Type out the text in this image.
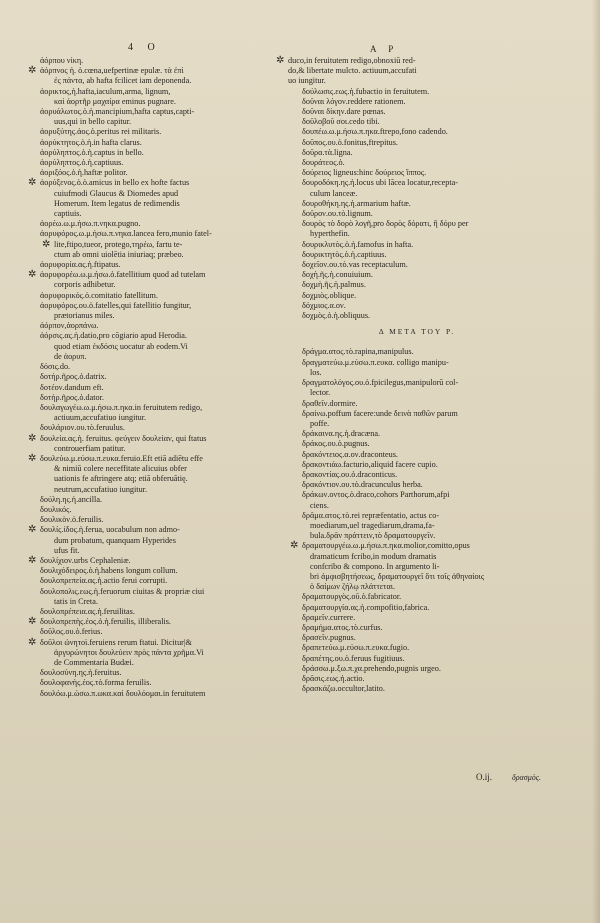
4 O	A P
ἀόρπου νίκη.
✲ ἀόρπνος ἡ. ὁ.cœna,uefpertinæ epulæ. τὰ ἐπὶ
ἐς πάντα, ab hafta fcilicet iam deponenda.
ἀορικτος,ἡ.hafta,iaculum,arma, lignum,
καὶ ἀορτῆρ μαχαίρα eminus pugnare.
ἀορυάλωτος.ὁ.ἡ.mancipium,hafta captus,capti-
uus,qui in bello capitur.
ἀορυξύτης.ἀος.ὁ.peritus rei militaris.
ἀορύκτητος.ὁ.ἡ.in hafta clarus.
ἀορύληπτος.ὁ.ἡ.captus in bello.
ἀορύληπτος.ὁ.ἡ.captiuus.
ἀοριξόος.ὁ.ἡ.haftæ politor.
✲ ἀορύξενος.ὁ.ὁ.amicus in bello ex hofte factus
cuiufmodi Glaucus & Diomedes apud
Homerum. Item legatus de redimendis
captiuis.
ἀορέω.ω.μ.ήσω.π.νηκα.pugno.
ἀορυφόρος.ω.μ.ήσω.π.νηκα.lancea fero,munio fatel-
✲ lite,ftipo,tueor, protego,τηρέω, fartu te-
ctum ab omni uiolētia iniuriaq; præbeo.
ἀορυφορία.ας.ἡ.ftipatus.
✲ ἀορυφορέω.ω.μ.ήσω.ὁ.fatellitium quod ad tutelam
corporis adhibetur.
ἀορυφορικός.ὁ.comitatio fatellitum.
ἀορυφόρος.ου.ὁ.fatelles,qui fatellitio fungitur,
prætorianus miles.
ἀόρπον,ἀορπάνω.
ἀόρσις.ας.ἡ.datio,pro cōgiario apud Herodia.
quod etiam ἐκδόσις uocatur ab eodem.Vi
de ἀορυπ.
δόσις.do.
δοτήρ.ῆρος.ὁ.datrix.
δοτέον.dandum eft.
δοτήρ.ῆρος.ὁ.dator.
δουλαγωγέω.ω.μ.ήσω.π.ηκα.in feruitutem redigo,
actiuum,accufatiuo iungitur.
δουλάριον.ου.τὸ.feruulus.
✲ δουλεία.ας.ἡ. feruitus. φεύγειν δουλείαν, qui ftatus
controuerfiam patitur.
✲ δουλεύω.μ.εύσω.π.ευκα.feruio.Eft etiā adiētu effe
& nimiū colere neceffitate alicuius obfer
uationis fe aftringere atq; etiā obferuātię.
neutrum,accufatiuo iungitur.
δούλη.ης.ἡ.ancilla.
δουλικός.
δουλικὸν.ὁ.feruilis.
✲ δουλίς.ίδος.ἡ.ferua, uocabulum non admo-
dum probatum, quanquam Hyperides
ufus fit.
✲ δουλίχιον.urbs Cephaleniæ.
δουλιχόδειρος.ὁ.ἡ.habens longum collum.
δουλοπρεπεία.ας.ἡ.actio ferui corrupti.
δουλοπολις.εως.ἡ.feruorum ciuitas & propriæ ciui
tatis in Creta.
δουλοπρέπεια.ας.ἡ.feruilitas.
✲ δουλοπρεπὴς.έος.ὁ.ἡ.feruilis, illiberalis.
δοῦλος.ου.ὁ.ferius.
✲ δοῦλοι ὠνητοὶ.feruiens rerum ftatui. Dicitur|&
ἀργυρώνητοι δουλεύειν πρὸς πάντα χρῆμα.Vi
de Commentaria Budæi.
δουλοσύνη.ης.ἡ.feruitus.
δουλοφανὴς.έος.τὸ.forma feruilis.
δουλόω.μ.ώσω.π.ωκα.καὶ δουλόομαι.in feruitutem
✲ duco,in feruitutem redigo,obnoxiū red-
do,& libertate mulcto. actiuum,accufati
uo iungitur.
δούλωσις.εως.ἡ.fubactio in feruitutem.
δοῦναι λόγον.reddere rationem.
δοῦναι δίκην.dare pœnas.
δοῦλοβοῦ σοι.cedo tibi.
δουπέω.ω.μ.ήσω.π.ηκα.ftrepo,fono cadendo.
δοῦπος.ου.ὁ.fonitus,ftrepitus.
δοῦρα.τὰ.ligna.
δουράτεος.ὁ.
δούρειος ligneus:hinc δούρειος ἵππος.
δουροδόκη.ης.ἡ.locus ubi lãcea locatur,recepta-
culum lanceæ.
δουροθήκη.ης.ἡ.armarium haftæ.
δοῦρον.ου.τὸ.lignum.
δουρὸς τὸ δορὸ λογῆ,pro δορὸς δόρατι, ἢ δόρυ per
hyperthefin.
δουρικλυτὸς.ὁ.ἡ.famofus in hafta.
δουρικτητὸς.ὁ.ἡ.captiuus.
δοχεῖον.ου.τὸ.vas receptaculum.
δοχὴ.ῆς.ἡ.conuiuium.
δοχμὴ.ῆς.ἡ.palmus.
δοχμιὸς.oblique.
δόχμιος.α.ον.
δοχμὸς.ὁ.ἡ.obliquus.
Δ META TOY P.
δράγμα.ατος.τὸ.rapina,manipulus.
δραγματεύω.μ.εύσω.π.ευκα. colligo manipu-
los.
δραγματολόγος.ου.ὁ.fpicilegus,manipulorū col-
lector.
δραθεῖν.dormire.
δραίνω.poffum facere:unde δεινὰ παθῶν parum
poffe.
δράκαινα.ης.ἡ.dracæna.
δράκος.ου.ὁ.pugnus.
δρακόντειος.α.ον.draconteus.
δρακοντιάω.facturio,aliquid facere cupio.
δρακοντίας.ου.ὁ.draconticus.
δρακόντιον.ου.τὸ.dracunculus herba.
δράκων.οντος.ὁ.draco,cohors Parthorum,afpi
ciens.
δρᾶμα.ατος.τὸ.rei repræfentatio, actus co-
moediarum,uel tragediarum,drama,fa-
bula.δρᾶν πράττειν,τὸ δραματουργεῖν.
✲ δραματουργέω.ω.μ.ήσω.π.ηκα.molior,comitto,opus
dramaticum fcribo,in modum dramatis
confcribo & compono. In argumento li-
bri ἀμφισβητήσεως, δραματουργεῖ ὅτι τοῖς ἀθηναίοις
ὁ δαίμων ζήλῳ πλάττεται.
δραματουργὸς.οῦ.ὁ.fabricator.
δραματουργία.ας.ἡ.compofitio,fabrica.
δραμεῖν.currere.
δραμήμα.ατος.τὸ.curfus.
δρασεῖν.pugnus.
δραπετεύω.μ.εύσω.π.ευκα.fugio.
δραπέτης.ου.ὁ.feruus fugitiuus.
δράσσω.μ.ξω.π.χα.prehendo,pugnis urgeo.
δρᾶσις.εως.ἡ.actio.
δρασκάζω.occultor,latito.
O.ij. δρασμὸς.
